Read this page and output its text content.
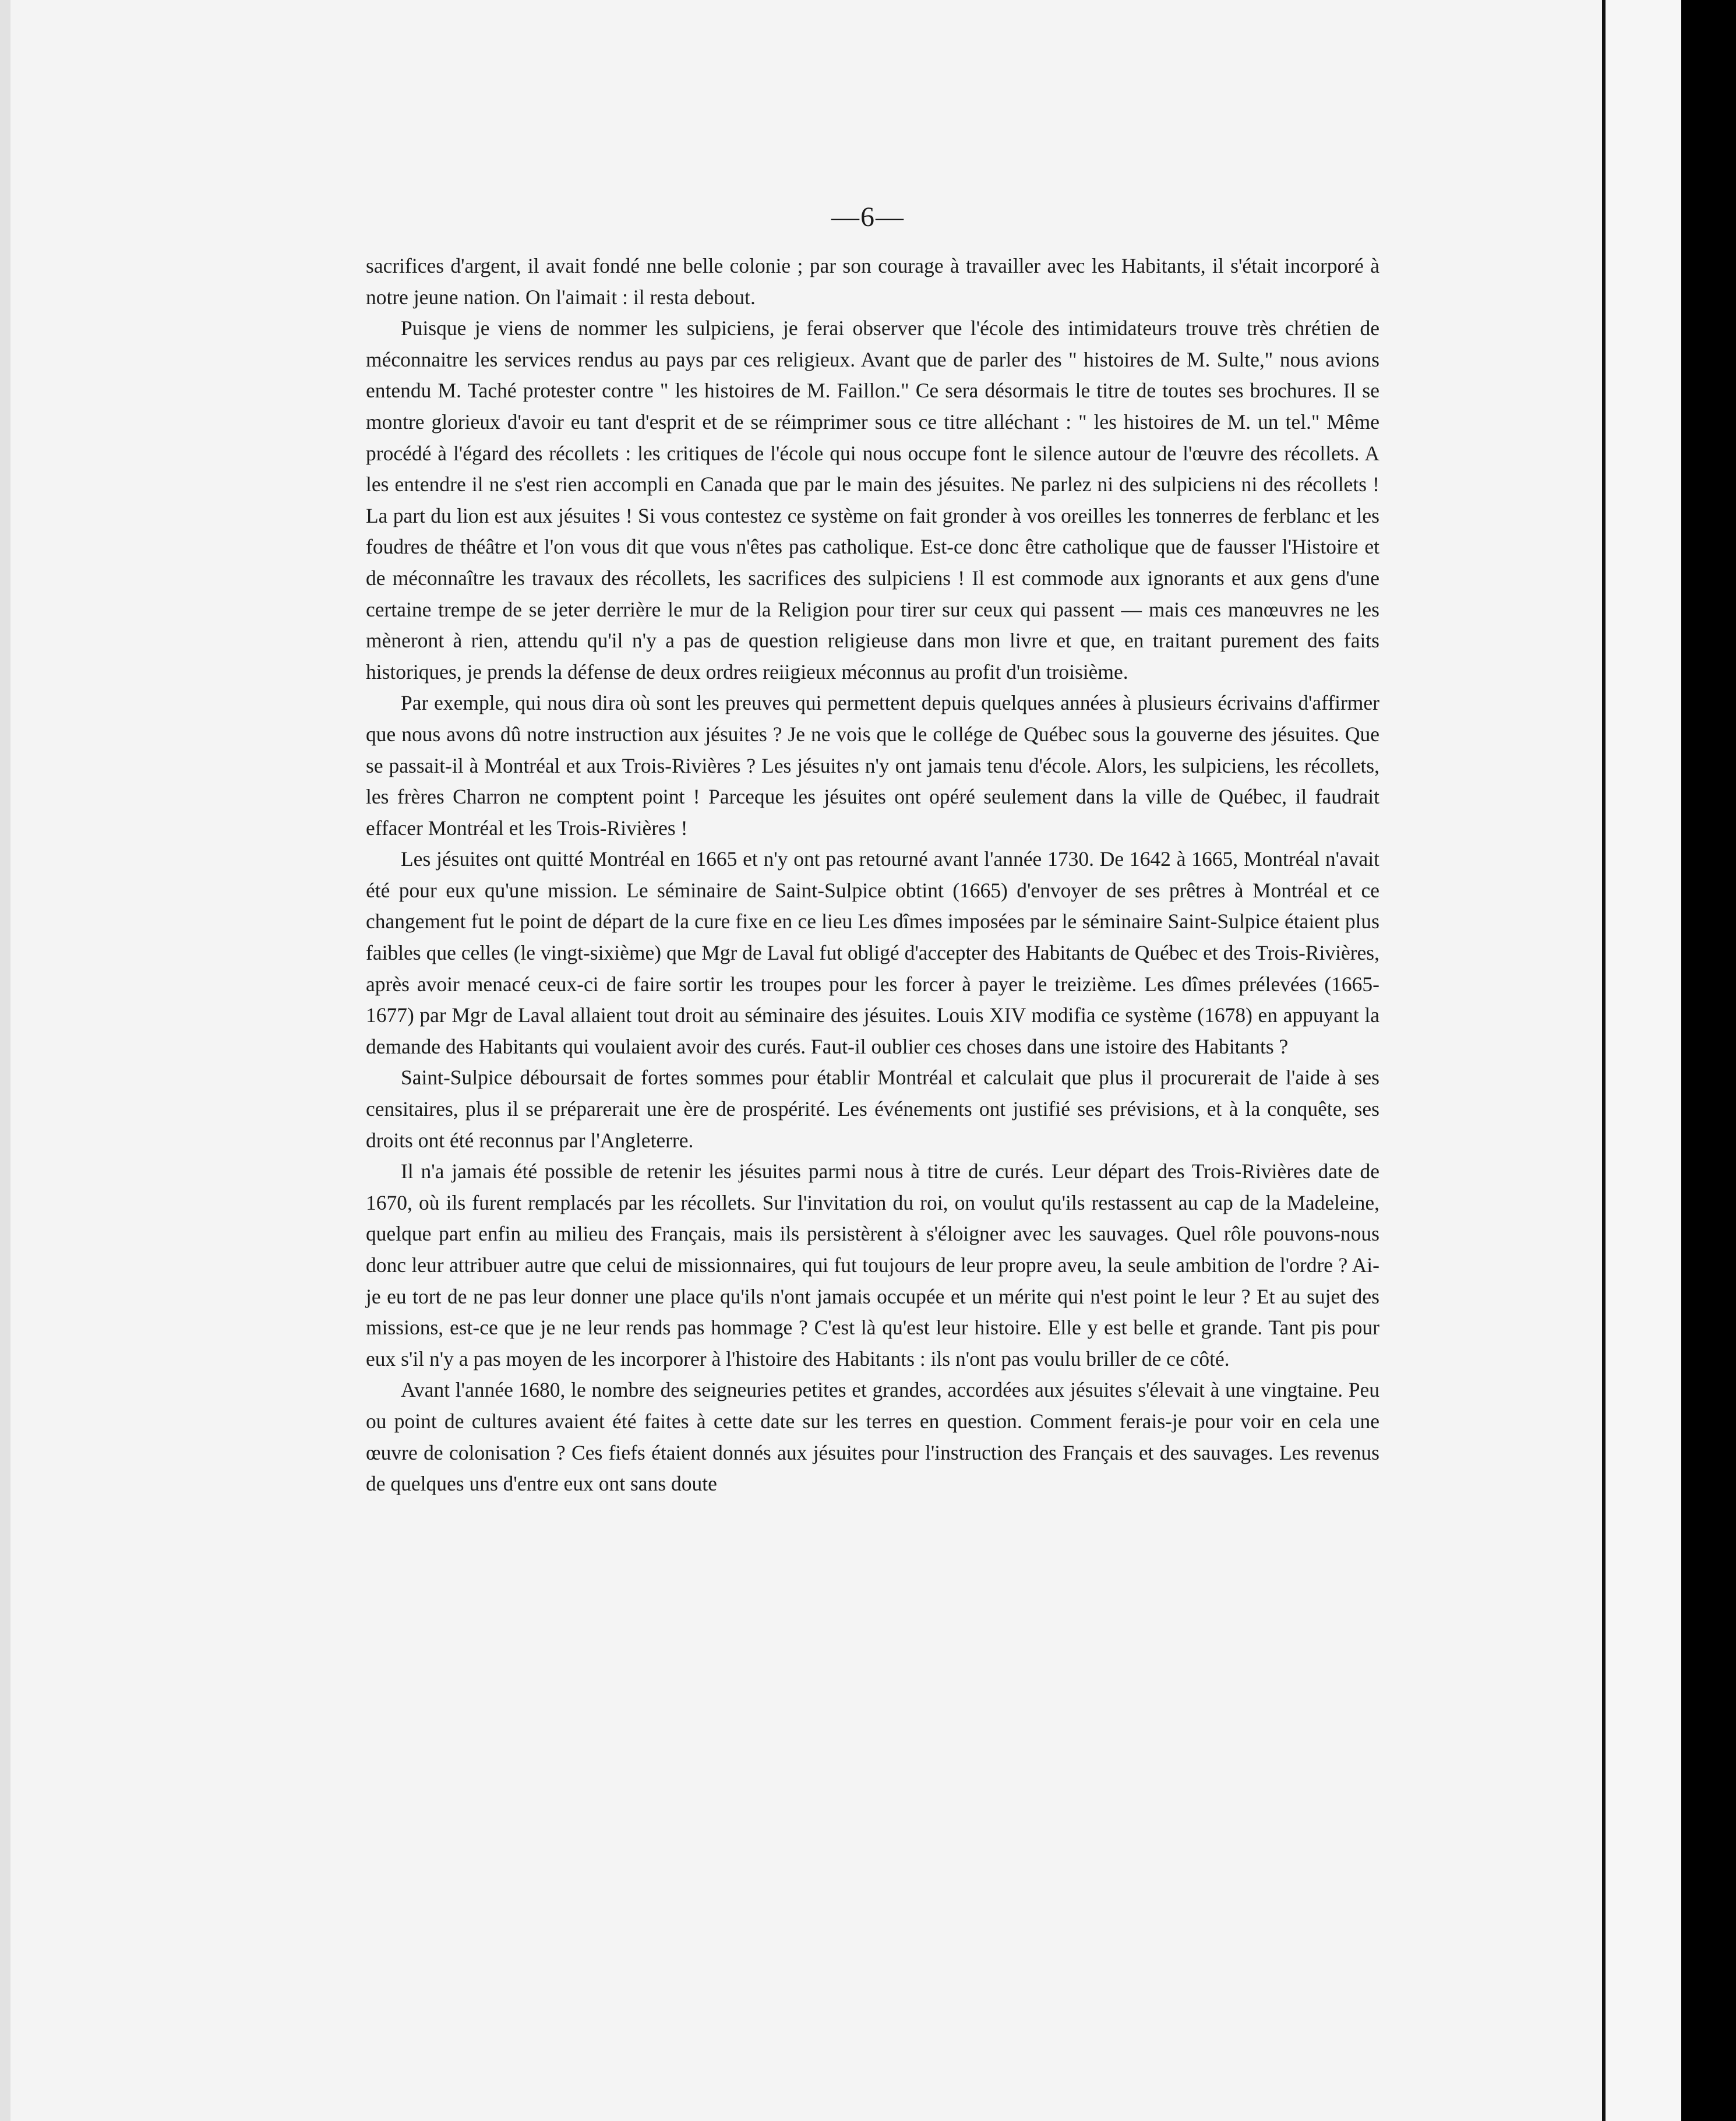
—6—

sacrifices d'argent, il avait fondé nne belle colonie ; par son courage à travailler avec les Habitants, il s'était incorporé à notre jeune nation. On l'aimait : il resta debout.

Puisque je viens de nommer les sulpiciens, je ferai observer que l'école des intimidateurs trouve très chrétien de méconnaitre les services rendus au pays par ces religieux. Avant que de parler des " histoires de M. Sulte," nous avions entendu M. Taché protester contre " les histoires de M. Faillon." Ce sera désormais le titre de toutes ses brochures. Il se montre glorieux d'avoir eu tant d'esprit et de se réimprimer sous ce titre alléchant : " les histoires de M. un tel." Même procédé à l'égard des récollets : les critiques de l'école qui nous occupe font le silence autour de l'œuvre des récollets. A les entendre il ne s'est rien accompli en Canada que par le main des jésuites. Ne parlez ni des sulpiciens ni des récollets ! La part du lion est aux jésuites ! Si vous contestez ce système on fait gronder à vos oreilles les tonnerres de ferblanc et les foudres de théâtre et l'on vous dit que vous n'êtes pas catholique. Est-ce donc être catholique que de fausser l'Histoire et de méconnaître les travaux des récollets, les sacrifices des sulpiciens ! Il est commode aux ignorants et aux gens d'une certaine trempe de se jeter derrière le mur de la Religion pour tirer sur ceux qui passent — mais ces manœuvres ne les mèneront à rien, attendu qu'il n'y a pas de question religieuse dans mon livre et que, en traitant purement des faits historiques, je prends la défense de deux ordres reiigieux méconnus au profit d'un troisième.

Par exemple, qui nous dira où sont les preuves qui permettent depuis quelques années à plusieurs écrivains d'affirmer que nous avons dû notre instruction aux jésuites ? Je ne vois que le collége de Québec sous la gouverne des jésuites. Que se passait-il à Montréal et aux Trois-Rivières ? Les jésuites n'y ont jamais tenu d'école. Alors, les sulpiciens, les récollets, les frères Charron ne comptent point ! Parceque les jésuites ont opéré seulement dans la ville de Québec, il faudrait effacer Montréal et les Trois-Rivières !

Les jésuites ont quitté Montréal en 1665 et n'y ont pas retourné avant l'année 1730. De 1642 à 1665, Montréal n'avait été pour eux qu'une mission. Le séminaire de Saint-Sulpice obtint (1665) d'envoyer de ses prêtres à Montréal et ce changement fut le point de départ de la cure fixe en ce lieu Les dîmes imposées par le séminaire Saint-Sulpice étaient plus faibles que celles (le vingt-sixième) que Mgr de Laval fut obligé d'accepter des Habitants de Québec et des Trois-Rivières, après avoir menacé ceux-ci de faire sortir les troupes pour les forcer à payer le treizième. Les dîmes prélevées (1665-1677) par Mgr de Laval allaient tout droit au séminaire des jésuites. Louis XIV modifia ce système (1678) en appuyant la demande des Habitants qui voulaient avoir des curés. Faut-il oublier ces choses dans une istoire des Habitants ?

Saint-Sulpice déboursait de fortes sommes pour établir Montréal et calculait que plus il procurerait de l'aide à ses censitaires, plus il se préparerait une ère de prospérité. Les événements ont justifié ses prévisions, et à la conquête, ses droits ont été reconnus par l'Angleterre.

Il n'a jamais été possible de retenir les jésuites parmi nous à titre de curés. Leur départ des Trois-Rivières date de 1670, où ils furent remplacés par les récollets. Sur l'invitation du roi, on voulut qu'ils restassent au cap de la Madeleine, quelque part enfin au milieu des Français, mais ils persistèrent à s'éloigner avec les sauvages. Quel rôle pouvons-nous donc leur attribuer autre que celui de missionnaires, qui fut toujours de leur propre aveu, la seule ambition de l'ordre ? Ai-je eu tort de ne pas leur donner une place qu'ils n'ont jamais occupée et un mérite qui n'est point le leur ? Et au sujet des missions, est-ce que je ne leur rends pas hommage ? C'est là qu'est leur histoire. Elle y est belle et grande. Tant pis pour eux s'il n'y a pas moyen de les incorporer à l'histoire des Habitants : ils n'ont pas voulu briller de ce côté.

Avant l'année 1680, le nombre des seigneuries petites et grandes, accordées aux jésuites s'élevait à une vingtaine. Peu ou point de cultures avaient été faites à cette date sur les terres en question. Comment ferais-je pour voir en cela une œuvre de colonisation ? Ces fiefs étaient donnés aux jésuites pour l'instruction des Français et des sauvages. Les revenus de quelques uns d'entre eux ont sans doute
